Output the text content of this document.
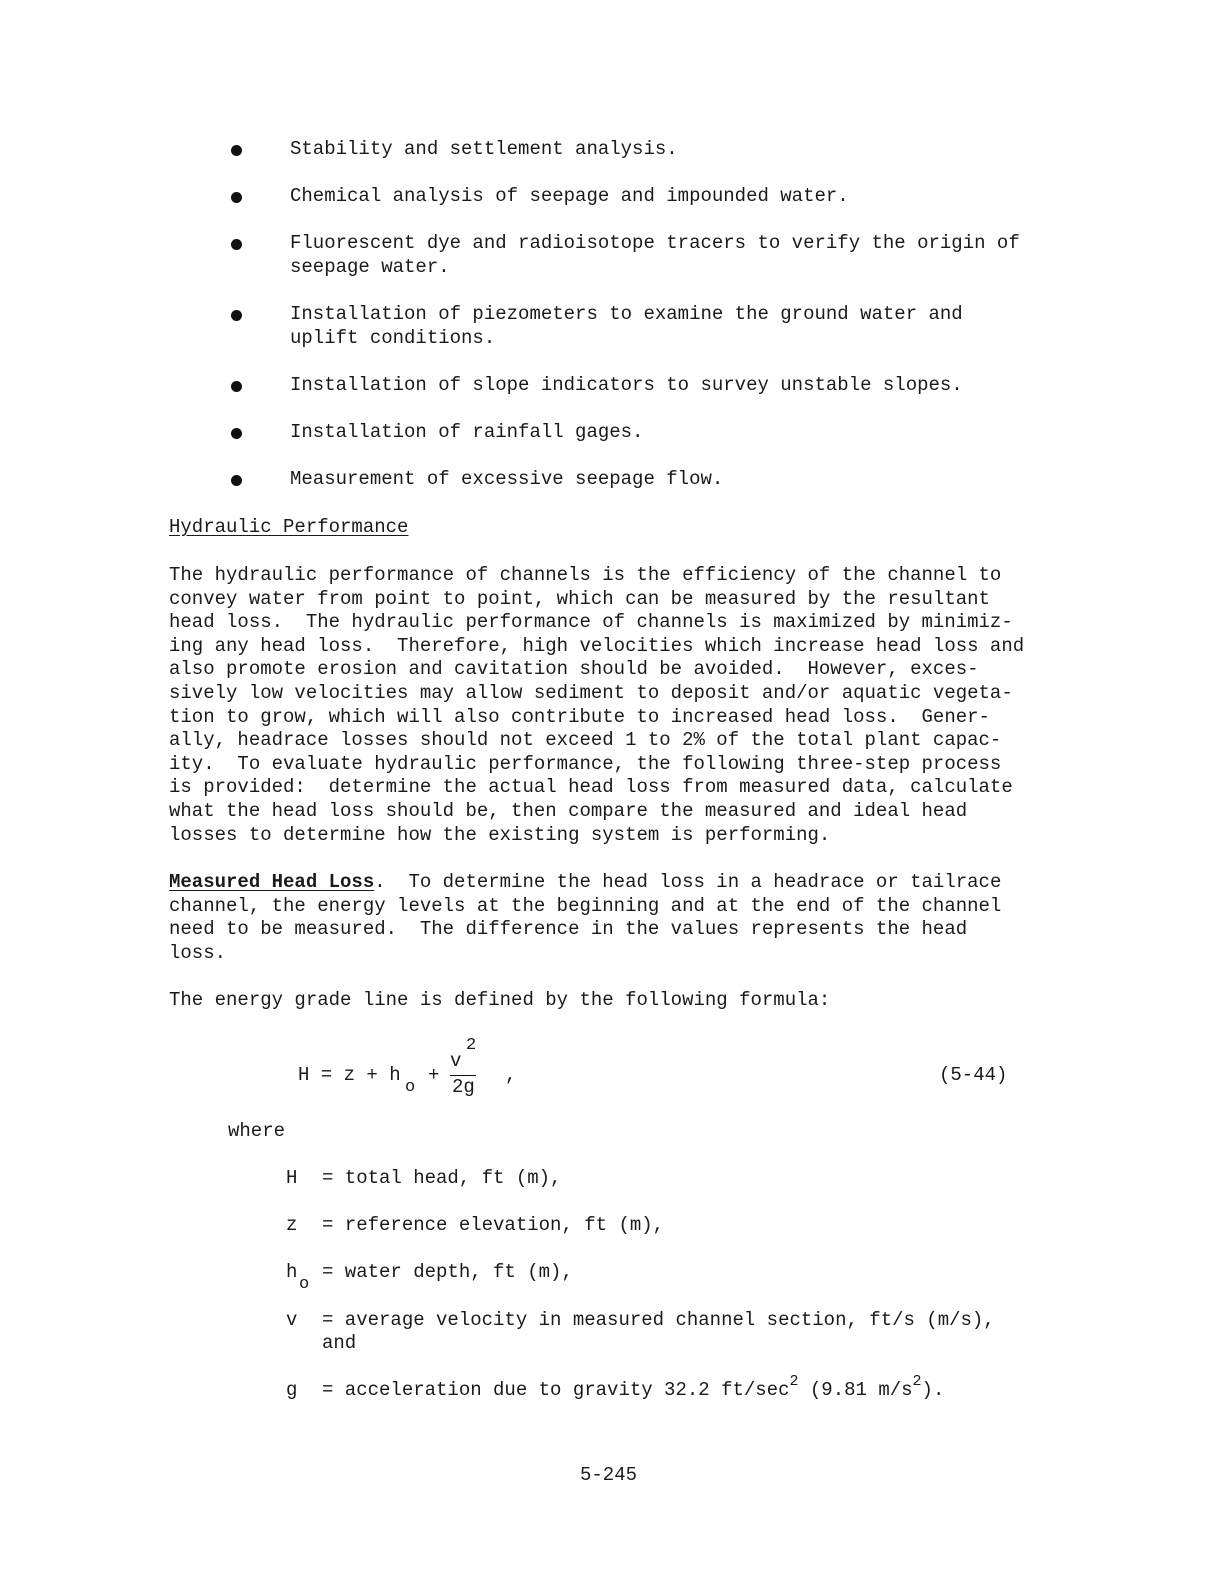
Stability and settlement analysis.
Chemical analysis of seepage and impounded water.
Fluorescent dye and radioisotope tracers to verify the origin of
seepage water.
Installation of piezometers to examine the ground water and
uplift conditions.
Installation of slope indicators to survey unstable slopes.
Installation of rainfall gages.
Measurement of excessive seepage flow.
Hydraulic Performance
The hydraulic performance of channels is the efficiency of the channel to
convey water from point to point, which can be measured by the resultant
head loss.  The hydraulic performance of channels is maximized by minimiz-
ing any head loss.  Therefore, high velocities which increase head loss and
also promote erosion and cavitation should be avoided.  However, exces-
sively low velocities may allow sediment to deposit and/or aquatic vegeta-
tion to grow, which will also contribute to increased head loss.  Gener-
ally, headrace losses should not exceed 1 to 2% of the total plant capac-
ity.  To evaluate hydraulic performance, the following three-step process
is provided:  determine the actual head loss from measured data, calculate
what the head loss should be, then compare the measured and ideal head
losses to determine how the existing system is performing.
Measured Head Loss.  To determine the head loss in a headrace or tailrace
channel, the energy levels at the beginning and at the end of the channel
need to be measured.  The difference in the values represents the head
loss.
The energy grade line is defined by the following formula:
H = z + h
o
+
v
2
2g
,	(5-44)
where
H = total head, ft (m),
z = reference elevation, ft (m),
h
o
= water depth, ft (m),
v = average velocity in measured channel section, ft/s (m/s),
and
g = acceleration due to gravity 32.2 $ft/\sec^2$ (9.81 $m/s^2$).
5-245
